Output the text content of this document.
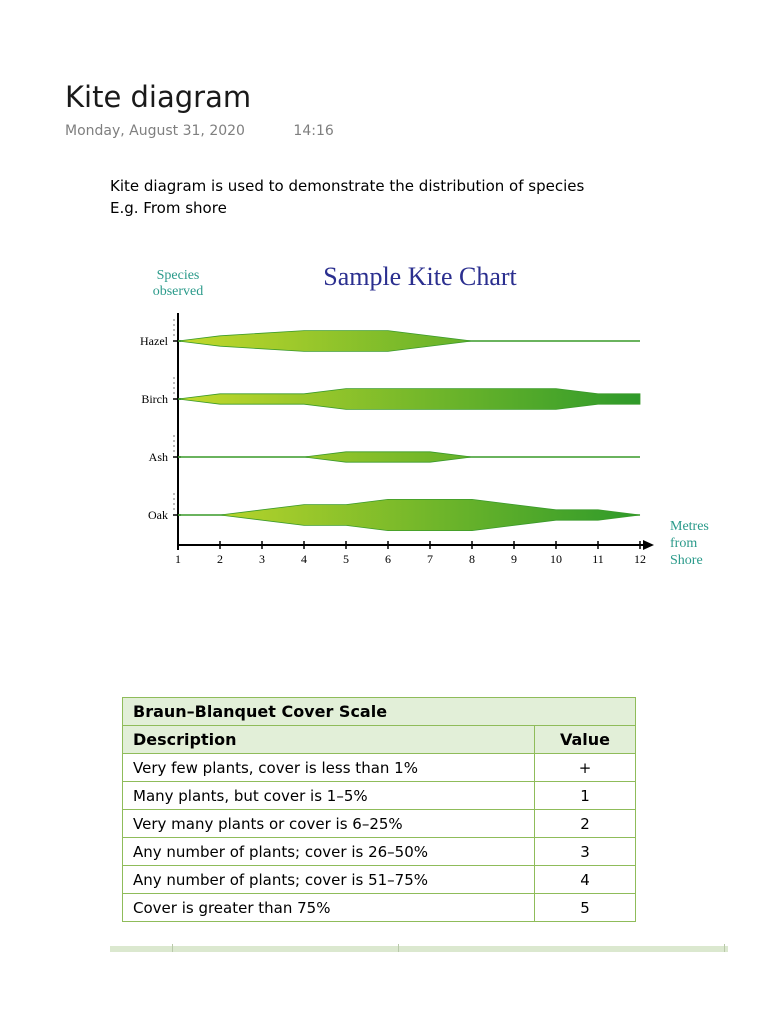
Kite diagram
Monday, August 31, 2020	14:16
Kite diagram is used to demonstrate the distribution of species
E.g. From shore
Sample Kite Chart
Species
observed
Metres
from
Shore
1	2	3	4	5	6	7	8	9	10	11	12
Hazel
Birch
Ash
Oak
Braun–Blanquet Cover Scale	
Description	Value
Very few plants, cover is less than 1%	+
Many plants, but cover is 1–5%	1
Very many plants or cover is 6–25%	2
Any number of plants; cover is 26–50%	3
Any number of plants; cover is 51–75%	4
Cover is greater than 75%	5
